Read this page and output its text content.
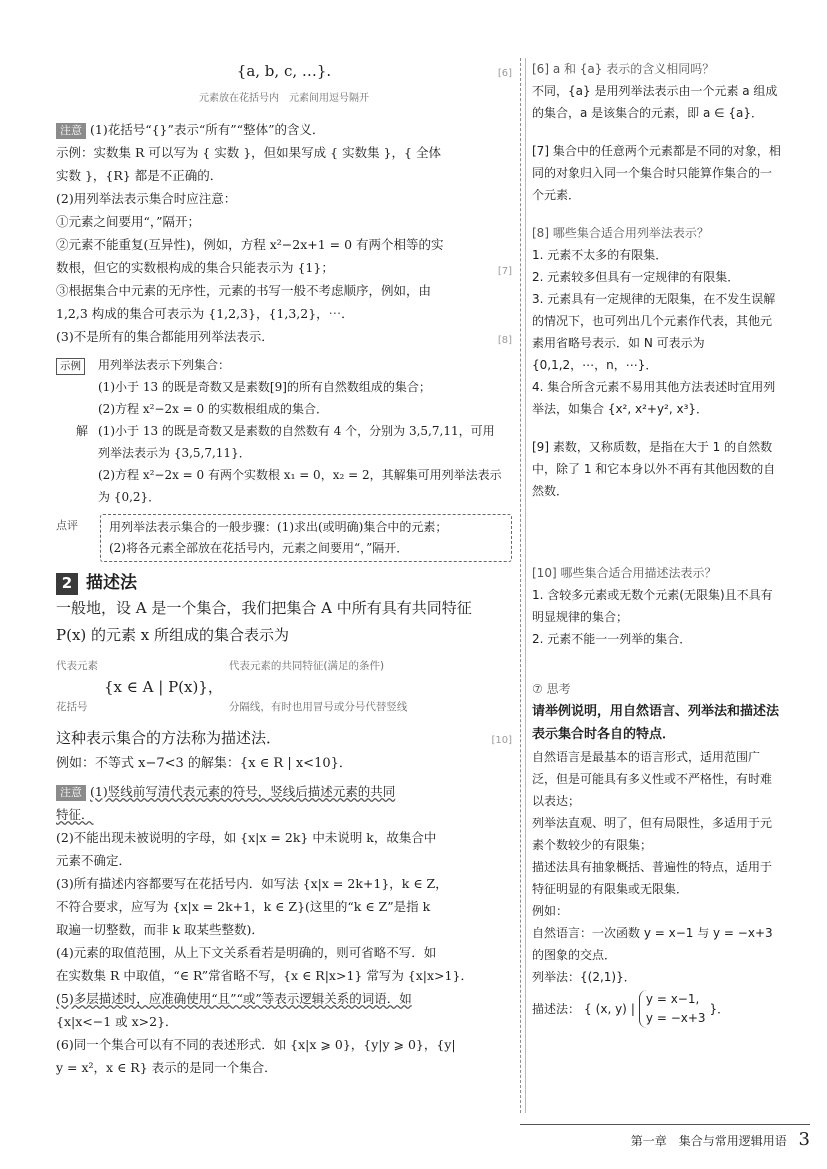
{a, b, c, …}.	[6]
元素放在花括号内 元素间用逗号隔开
注意 (1)花括号“{}”表示“所有”“整体”的含义．
示例：实数集 R 可以写为 { 实数 }，但如果写成 { 实数集 }，{ 全体
实数 }，{R} 都是不正确的．
(2)用列举法表示集合时应注意：
①元素之间要用“，”隔开；
②元素不能重复(互异性)，例如，方程 x²−2x+1 = 0 有两个相等的实
数根，但它的实数根构成的集合只能表示为 {1}；	[7]
③根据集合中元素的无序性，元素的书写一般不考虑顺序，例如，由
1,2,3 构成的集合可表示为 {1,2,3}，{1,3,2}，⋯．
(3)不是所有的集合都能用列举法表示．	[8]
示例	用列举法表示下列集合：
(1)小于 13 的既是奇数又是素数[9]的所有自然数组成的集合；
(2)方程 x²−2x = 0 的实数根组成的集合．
解 (1)小于 13 的既是奇数又是素数的自然数有 4 个，分别为 3,5,7,11，可用
列举法表示为 {3,5,7,11}．
(2)方程 x²−2x = 0 有两个实数根 x₁ = 0，x₂ = 2，其解集可用列举法表示
为 {0,2}．
点评	用列举法表示集合的一般步骤：(1)求出(或明确)集合中的元素；
(2)将各元素全部放在花括号内，元素之间要用“，”隔开．
2 描述法
一般地，设 A 是一个集合，我们把集合 A 中所有具有共同特征
P(x) 的元素 x 所组成的集合表示为
代表元素
花括号
{x ∈ A | P(x)}，
代表元素的共同特征(满足的条件)
分隔线，有时也用冒号或分号代替竖线
这种表示集合的方法称为描述法．	[10]
例如：不等式 x−7<3 的解集：{x ∈ R | x<10}．
注意 (1)竖线前写清代表元素的符号，竖线后描述元素的共同
特征．
(2)不能出现未被说明的字母，如 {x|x = 2k} 中未说明 k，故集合中
元素不确定．
(3)所有描述内容都要写在花括号内．如写法 {x|x = 2k+1}，k ∈ Z，
不符合要求，应写为 {x|x = 2k+1，k ∈ Z}(这里的“k ∈ Z”是指 k
取遍一切整数，而非 k 取某些整数)．
(4)元素的取值范围，从上下文关系看若是明确的，则可省略不写．如
在实数集 R 中取值，“∈ R”常省略不写，{x ∈ R|x>1} 常写为 {x|x>1}．
(5)多层描述时，应准确使用“且”“或”等表示逻辑关系的词语．如
{x|x<−1 或 x>2}．
(6)同一个集合可以有不同的表述形式．如 {x|x ⩾ 0}，{y|y ⩾ 0}，{y|
y = x²，x ∈ R} 表示的是同一个集合．

[6] a 和 {a} 表示的含义相同吗？

不同，{a} 是用列举法表示由一个元素 a 组成的集合，a 是该集合的元素，即 a ∈ {a}．

[7] 集合中的任意两个元素都是不同的对象，相同的对象归入同一个集合时只能算作集合的一个元素．

[8] 哪些集合适合用列举法表示？

1. 元素不太多的有限集．

2. 元素较多但具有一定规律的有限集．

3. 元素具有一定规律的无限集，在不发生误解的情况下，也可列出几个元素作代表，其他元素用省略号表示．如 N 可表示为 {0,1,2，⋯，n，⋯}．

4. 集合所含元素不易用其他方法表述时宜用列举法，如集合 {x², x²+y², x³}．

[9] 素数，又称质数，是指在大于 1 的自然数中，除了 1 和它本身以外不再有其他因数的自然数．

[10] 哪些集合适合用描述法表示？

1. 含较多元素或无数个元素(无限集)且不具有明显规律的集合；

2. 元素不能一一列举的集合．

⑦ 思考

请举例说明，用自然语言、列举法和描述法表示集合时各自的特点．

自然语言是最基本的语言形式，适用范围广泛，但是可能具有多义性或不严格性，有时难以表达；

列举法直观、明了，但有局限性，多适用于元素个数较少的有限集；

描述法具有抽象概括、普遍性的特点，适用于特征明显的有限集或无限集．

例如：

自然语言：一次函数 y = x−1 与 y = −x+3 的图象的交点．

列举法：{(2,1)}．

描述法： { (x, y) |
y = x−1,
y = −x+3
}．
第一章　集合与常用逻辑用语 3
